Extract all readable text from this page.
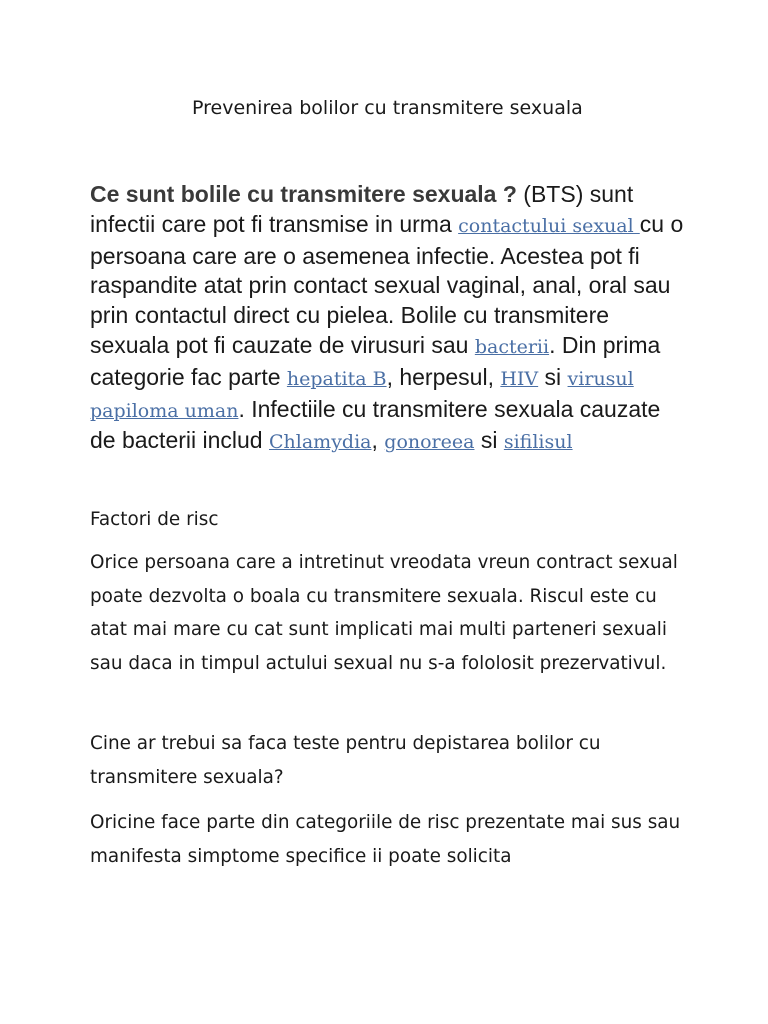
Prevenirea bolilor cu transmitere sexuala

Ce sunt bolile cu transmitere sexuala ? (BTS) sunt infectii care pot fi transmise in urma contactului sexual cu o persoana care are o asemenea infectie. Acestea pot fi raspandite atat prin contact sexual vaginal, anal, oral sau prin contactul direct cu pielea. Bolile cu transmitere sexuala pot fi cauzate de virusuri sau bacterii. Din prima categorie fac parte hepatita B, herpesul, HIV si virusul papiloma uman. Infectiile cu transmitere sexuala cauzate de bacterii includ Chlamydia, gonoreea si sifilisul

Factori de risc

Orice persoana care a intretinut vreodata vreun contract sexual poate dezvolta o boala cu transmitere sexuala. Riscul este cu atat mai mare cu cat sunt implicati mai multi parteneri sexuali sau daca in timpul actului sexual nu s-a fololosit prezervativul.

Cine ar trebui sa faca teste pentru depistarea bolilor cu transmitere sexuala?

Oricine face parte din categoriile de risc prezentate mai sus sau manifesta simptome specifice ii poate solicita
